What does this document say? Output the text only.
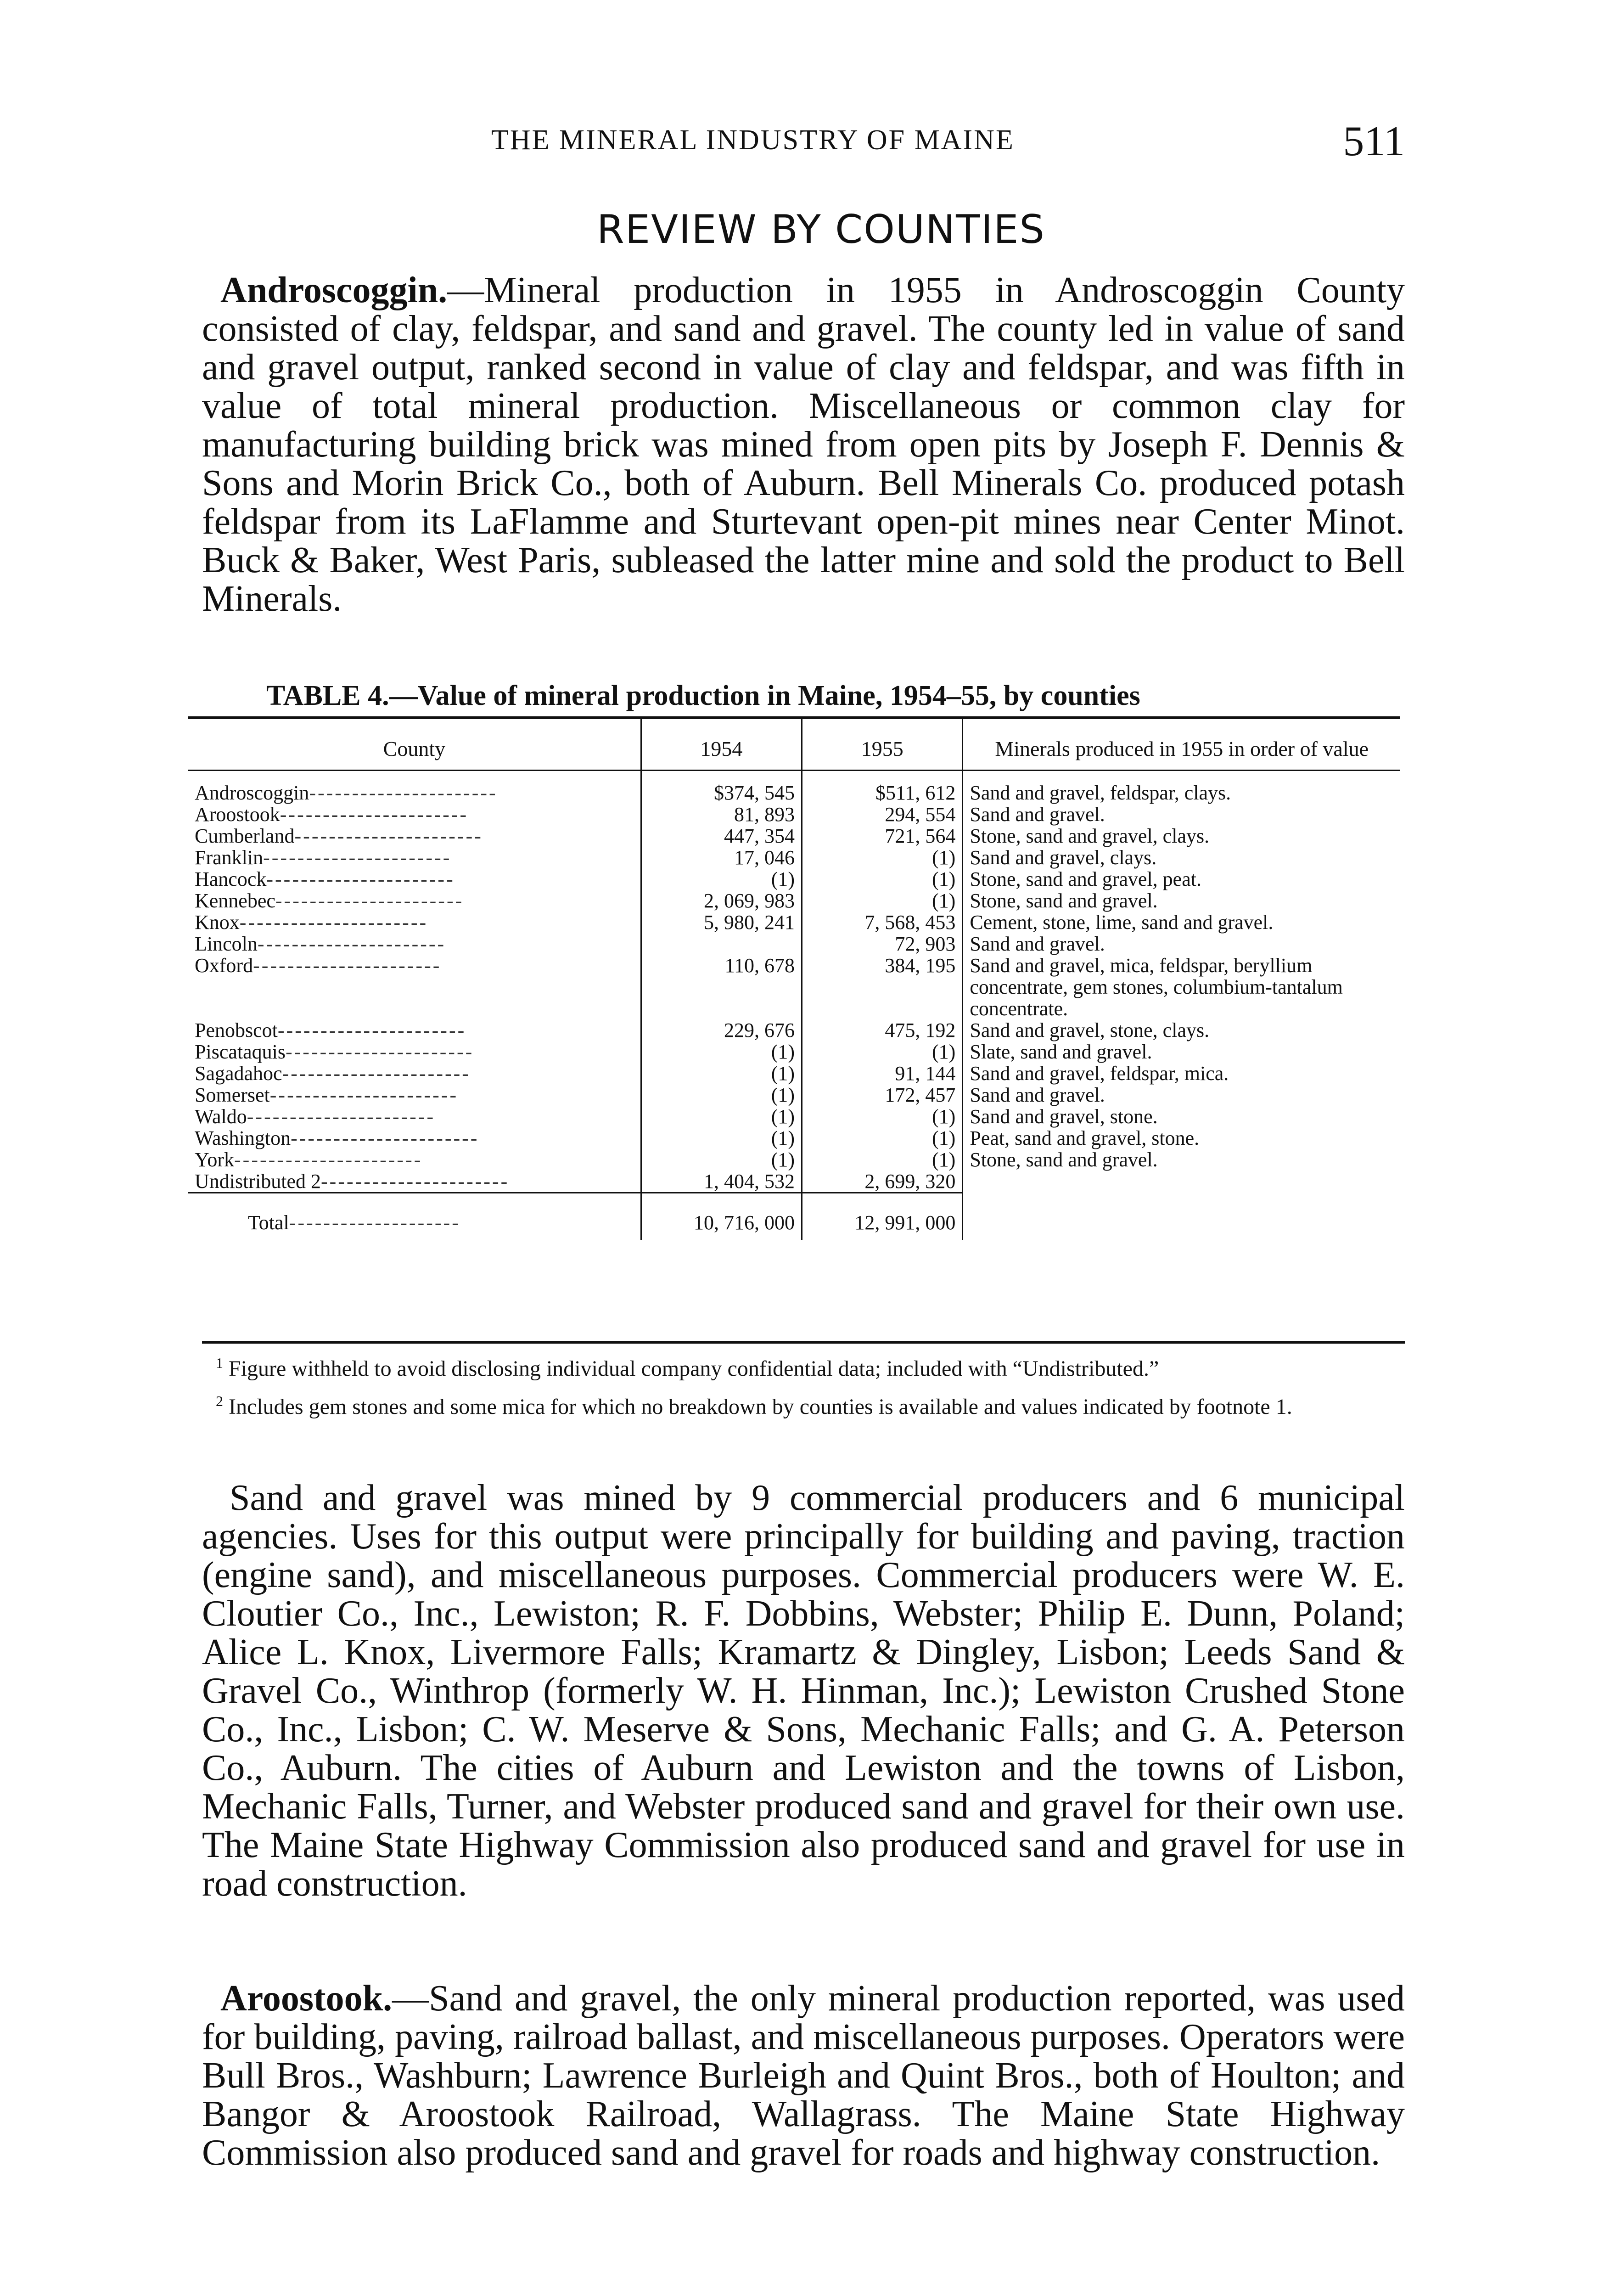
THE MINERAL INDUSTRY OF MAINE	511
REVIEW BY COUNTIES

Androscoggin.—Mineral production in 1955 in Androscoggin County consisted of clay, feldspar, and sand and gravel. The county led in value of sand and gravel output, ranked second in value of clay and feldspar, and was fifth in value of total mineral production. Miscellaneous or common clay for manufacturing building brick was mined from open pits by Joseph F. Dennis & Sons and Morin Brick Co., both of Auburn. Bell Minerals Co. produced potash feldspar from its LaFlamme and Sturtevant open-pit mines near Center Minot. Buck & Baker, West Paris, subleased the latter mine and sold the product to Bell Minerals.

TABLE 4.—Value of mineral production in Maine, 1954–55, by counties
County	1954	1955	Minerals produced in 1955 in order of value
Androscoggin----------------------	$374, 545	$511, 612	Sand and gravel, feldspar, clays.
Aroostook----------------------	81, 893	294, 554	Sand and gravel.
Cumberland----------------------	447, 354	721, 564	Stone, sand and gravel, clays.
Franklin----------------------	17, 046	(1)	Sand and gravel, clays.
Hancock----------------------	(1)	(1)	Stone, sand and gravel, peat.
Kennebec----------------------	2, 069, 983	(1)	Stone, sand and gravel.
Knox----------------------	5, 980, 241	7, 568, 453	Cement, stone, lime, sand and gravel.
Lincoln----------------------		72, 903	Sand and gravel.
Oxford----------------------	110, 678	384, 195	Sand and gravel, mica, feldspar, beryllium concentrate, gem stones, columbium-tantalum concentrate.
Penobscot----------------------	229, 676	475, 192	Sand and gravel, stone, clays.
Piscataquis----------------------	(1)	(1)	Slate, sand and gravel.
Sagadahoc----------------------	(1)	91, 144	Sand and gravel, feldspar, mica.
Somerset----------------------	(1)	172, 457	Sand and gravel.
Waldo----------------------	(1)	(1)	Sand and gravel, stone.
Washington----------------------	(1)	(1)	Peat, sand and gravel, stone.
York----------------------	(1)	(1)	Stone, sand and gravel.
Undistributed 2----------------------	1, 404, 532	2, 699, 320	
Total--------------------	10, 716, 000	12, 991, 000	

$^1$ Figure withheld to avoid disclosing individual company confidential data; included with “Undistributed.”

$^2$ Includes gem stones and some mica for which no breakdown by counties is available and values indicated by footnote 1.

Sand and gravel was mined by 9 commercial producers and 6 municipal agencies. Uses for this output were principally for building and paving, traction (engine sand), and miscellaneous purposes. Commercial producers were W. E. Cloutier Co., Inc., Lewiston; R. F. Dobbins, Webster; Philip E. Dunn, Poland; Alice L. Knox, Livermore Falls; Kramartz & Dingley, Lisbon; Leeds Sand & Gravel Co., Winthrop (formerly W. H. Hinman, Inc.); Lewiston Crushed Stone Co., Inc., Lisbon; C. W. Meserve & Sons, Mechanic Falls; and G. A. Peterson Co., Auburn. The cities of Auburn and Lewiston and the towns of Lisbon, Mechanic Falls, Turner, and Webster produced sand and gravel for their own use. The Maine State Highway Commission also produced sand and gravel for use in road construction.

Aroostook.—Sand and gravel, the only mineral production reported, was used for building, paving, railroad ballast, and miscellaneous purposes. Operators were Bull Bros., Washburn; Lawrence Burleigh and Quint Bros., both of Houlton; and Bangor & Aroostook Railroad, Wallagrass. The Maine State Highway Commission also produced sand and gravel for roads and highway construction.
